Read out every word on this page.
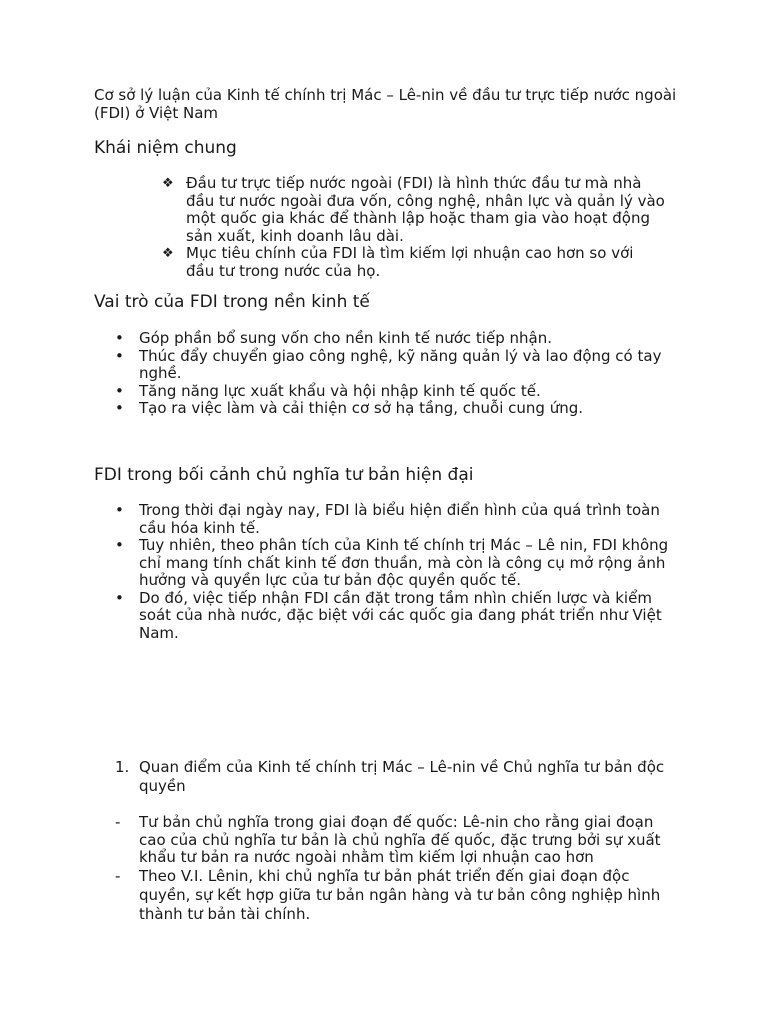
Cơ sở lý luận của Kinh tế chính trị Mác – Lê-nin về đầu tư trực tiếp nước ngoài (FDI) ở Việt Nam
Khái niệm chung
❖ Đầu tư trực tiếp nước ngoài (FDI) là hình thức đầu tư mà nhà đầu tư nước ngoài đưa vốn, công nghệ, nhân lực và quản lý vào một quốc gia khác để thành lập hoặc tham gia vào hoạt động sản xuất, kinh doanh lâu dài.
❖ Mục tiêu chính của FDI là tìm kiếm lợi nhuận cao hơn so với đầu tư trong nước của họ.
Vai trò của FDI trong nền kinh tế
• Góp phần bổ sung vốn cho nền kinh tế nước tiếp nhận.
• Thúc đẩy chuyển giao công nghệ, kỹ năng quản lý và lao động có tay nghề.
• Tăng năng lực xuất khẩu và hội nhập kinh tế quốc tế.
• Tạo ra việc làm và cải thiện cơ sở hạ tầng, chuỗi cung ứng.
FDI trong bối cảnh chủ nghĩa tư bản hiện đại
• Trong thời đại ngày nay, FDI là biểu hiện điển hình của quá trình toàn cầu hóa kinh tế.
• Tuy nhiên, theo phân tích của Kinh tế chính trị Mác – Lê nin, FDI không chỉ mang tính chất kinh tế đơn thuần, mà còn là công cụ mở rộng ảnh hưởng và quyền lực của tư bản độc quyền quốc tế.
• Do đó, việc tiếp nhận FDI cần đặt trong tầm nhìn chiến lược và kiểm soát của nhà nước, đặc biệt với các quốc gia đang phát triển như Việt Nam.
1. Quan điểm của Kinh tế chính trị Mác – Lê-nin về Chủ nghĩa tư bản độc quyền
- Tư bản chủ nghĩa trong giai đoạn đế quốc: Lê-nin cho rằng giai đoạn cao của chủ nghĩa tư bản là chủ nghĩa đế quốc, đặc trưng bởi sự xuất khẩu tư bản ra nước ngoài nhằm tìm kiếm lợi nhuận cao hơn
- Theo V.I. Lênin, khi chủ nghĩa tư bản phát triển đến giai đoạn độc quyền, sự kết hợp giữa tư bản ngân hàng và tư bản công nghiệp hình thành tư bản tài chính.
